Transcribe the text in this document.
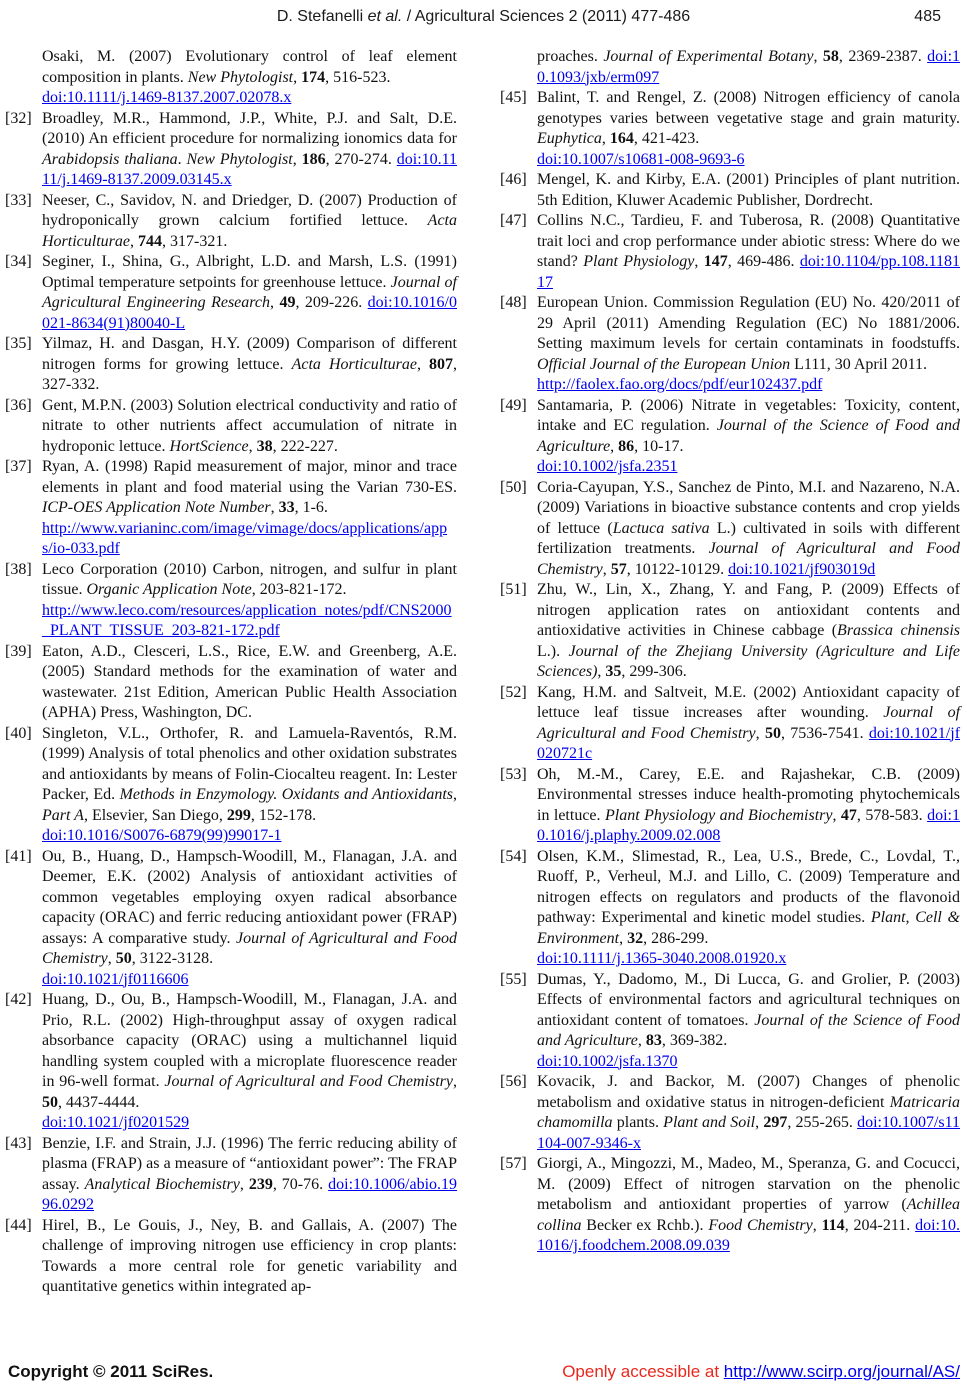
D. Stefanelli et al. / Agricultural Sciences 2 (2011) 477-486	485
Osaki, M. (2007) Evolutionary control of leaf element composition in plants. New Phytologist, 174, 516-523.
doi:10.1111/j.1469-8137.2007.02078.x
[32] Broadley, M.R., Hammond, J.P., White, P.J. and Salt, D.E. (2010) An efficient procedure for normalizing ionomics data for Arabidopsis thaliana. New Phytologist, 186, 270-274. doi:10.1111/j.1469-8137.2009.03145.x
[33] Neeser, C., Savidov, N. and Driedger, D. (2007) Production of hydroponically grown calcium fortified lettuce. Acta Horticulturae, 744, 317-321.
[34] Seginer, I., Shina, G., Albright, L.D. and Marsh, L.S. (1991) Optimal temperature setpoints for greenhouse lettuce. Journal of Agricultural Engineering Research, 49, 209-226. doi:10.1016/0021-8634(91)80040-L
[35] Yilmaz, H. and Dasgan, H.Y. (2009) Comparison of different nitrogen forms for growing lettuce. Acta Horticulturae, 807, 327-332.
[36] Gent, M.P.N. (2003) Solution electrical conductivity and ratio of nitrate to other nutrients affect accumulation of nitrate in hydroponic lettuce. HortScience, 38, 222-227.
[37] Ryan, A. (1998) Rapid measurement of major, minor and trace elements in plant and food material using the Varian 730-ES. ICP-OES Application Note Number, 33, 1-6.
http://www.varianinc.com/image/vimage/docs/applications/apps/io-033.pdf
[38] Leco Corporation (2010) Carbon, nitrogen, and sulfur in plant tissue. Organic Application Note, 203-821-172.
http://www.leco.com/resources/application_notes/pdf/CNS2000_PLANT_TISSUE_203-821-172.pdf
[39] Eaton, A.D., Clesceri, L.S., Rice, E.W. and Greenberg, A.E. (2005) Standard methods for the examination of water and wastewater. 21st Edition, American Public Health Association (APHA) Press, Washington, DC.
[40] Singleton, V.L., Orthofer, R. and Lamuela-Raventós, R.M. (1999) Analysis of total phenolics and other oxidation substrates and antioxidants by means of Folin-Ciocalteu reagent. In: Lester Packer, Ed. Methods in Enzymology. Oxidants and Antioxidants, Part A, Elsevier, San Diego, 299, 152-178.
doi:10.1016/S0076-6879(99)99017-1
[41] Ou, B., Huang, D., Hampsch-Woodill, M., Flanagan, J.A. and Deemer, E.K. (2002) Analysis of antioxidant activities of common vegetables employing oxyen radical absorbance capacity (ORAC) and ferric reducing antioxidant power (FRAP) assays: A comparative study. Journal of Agricultural and Food Chemistry, 50, 3122-3128.
doi:10.1021/jf0116606
[42] Huang, D., Ou, B., Hampsch-Woodill, M., Flanagan, J.A. and Prio, R.L. (2002) High-throughput assay of oxygen radical absorbance capacity (ORAC) using a multichannel liquid handling system coupled with a microplate fluorescence reader in 96-well format. Journal of Agricultural and Food Chemistry, 50, 4437-4444.
doi:10.1021/jf0201529
[43] Benzie, I.F. and Strain, J.J. (1996) The ferric reducing ability of plasma (FRAP) as a measure of “antioxidant power”: The FRAP assay. Analytical Biochemistry, 239, 70-76. doi:10.1006/abio.1996.0292
[44] Hirel, B., Le Gouis, J., Ney, B. and Gallais, A. (2007) The challenge of improving nitrogen use efficiency in crop plants: Towards a more central role for genetic variability and quantitative genetics within integrated ap-
proaches. Journal of Experimental Botany, 58, 2369-2387. doi:10.1093/jxb/erm097
[45] Balint, T. and Rengel, Z. (2008) Nitrogen efficiency of canola genotypes varies between vegetative stage and grain maturity. Euphytica, 164, 421-423.
doi:10.1007/s10681-008-9693-6
[46] Mengel, K. and Kirby, E.A. (2001) Principles of plant nutrition. 5th Edition, Kluwer Academic Publisher, Dordrecht.
[47] Collins N.C., Tardieu, F. and Tuberosa, R. (2008) Quantitative trait loci and crop performance under abiotic stress: Where do we stand? Plant Physiology, 147, 469-486. doi:10.1104/pp.108.118117
[48] European Union. Commission Regulation (EU) No. 420/2011 of 29 April (2011) Amending Regulation (EC) No 1881/2006. Setting maximum levels for certain contaminats in foodstuffs. Official Journal of the European Union L111, 30 April 2011.
http://faolex.fao.org/docs/pdf/eur102437.pdf
[49] Santamaria, P. (2006) Nitrate in vegetables: Toxicity, content, intake and EC regulation. Journal of the Science of Food and Agriculture, 86, 10-17.
doi:10.1002/jsfa.2351
[50] Coria-Cayupan, Y.S., Sanchez de Pinto, M.I. and Nazareno, N.A. (2009) Variations in bioactive substance contents and crop yields of lettuce (Lactuca sativa L.) cultivated in soils with different fertilization treatments. Journal of Agricultural and Food Chemistry, 57, 10122-10129. doi:10.1021/jf903019d
[51] Zhu, W., Lin, X., Zhang, Y. and Fang, P. (2009) Effects of nitrogen application rates on antioxidant contents and antioxidative activities in Chinese cabbage (Brassica chinensis L.). Journal of the Zhejiang University (Agriculture and Life Sciences), 35, 299-306.
[52] Kang, H.M. and Saltveit, M.E. (2002) Antioxidant capacity of lettuce leaf tissue increases after wounding. Journal of Agricultural and Food Chemistry, 50, 7536-7541. doi:10.1021/jf020721c
[53] Oh, M.-M., Carey, E.E. and Rajashekar, C.B. (2009) Environmental stresses induce health-promoting phytochemicals in lettuce. Plant Physiology and Biochemistry, 47, 578-583. doi:10.1016/j.plaphy.2009.02.008
[54] Olsen, K.M., Slimestad, R., Lea, U.S., Brede, C., Lovdal, T., Ruoff, P., Verheul, M.J. and Lillo, C. (2009) Temperature and nitrogen effects on regulators and products of the flavonoid pathway: Experimental and kinetic model studies. Plant, Cell & Environment, 32, 286-299.
doi:10.1111/j.1365-3040.2008.01920.x
[55] Dumas, Y., Dadomo, M., Di Lucca, G. and Grolier, P. (2003) Effects of environmental factors and agricultural techniques on antioxidant content of tomatoes. Journal of the Science of Food and Agriculture, 83, 369-382.
doi:10.1002/jsfa.1370
[56] Kovacik, J. and Backor, M. (2007) Changes of phenolic metabolism and oxidative status in nitrogen-deficient Matricaria chamomilla plants. Plant and Soil, 297, 255-265. doi:10.1007/s11104-007-9346-x
[57] Giorgi, A., Mingozzi, M., Madeo, M., Speranza, G. and Cocucci, M. (2009) Effect of nitrogen starvation on the phenolic metabolism and antioxidant properties of yarrow (Achillea collina Becker ex Rchb.). Food Chemistry, 114, 204-211. doi:10.1016/j.foodchem.2008.09.039
Copyright © 2011 SciRes.	Openly accessible at http://www.scirp.org/journal/AS/
